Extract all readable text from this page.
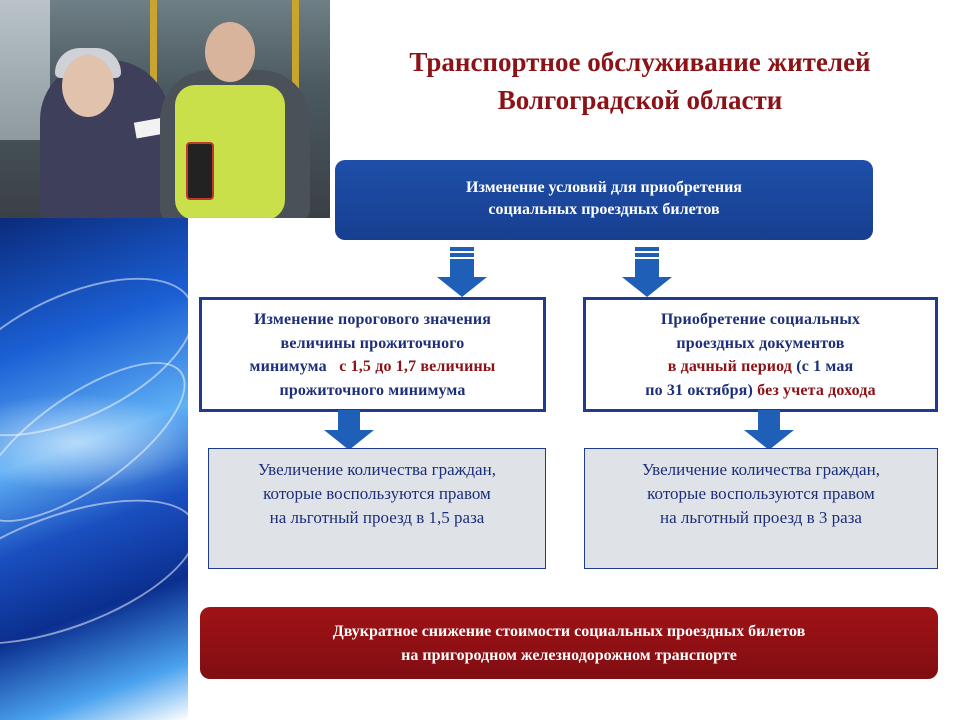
Транспортное обслуживание жителей
Волгоградской области
Изменение условий для приобретения
социальных проездных билетов
Изменение порогового значения
величины прожиточного
минимума с 1,5 до 1,7 величины
прожиточного минимума
Приобретение социальных
проездных документов
в дачный период (с 1 мая
по 31 октября) без учета дохода
Увеличение количества граждан,
которые воспользуются правом
на льготный проезд в 1,5 раза
Увеличение количества граждан,
которые воспользуются правом
на льготный проезд в 3 раза
Двукратное снижение стоимости социальных проездных билетов
на пригородном железнодорожном транспорте
